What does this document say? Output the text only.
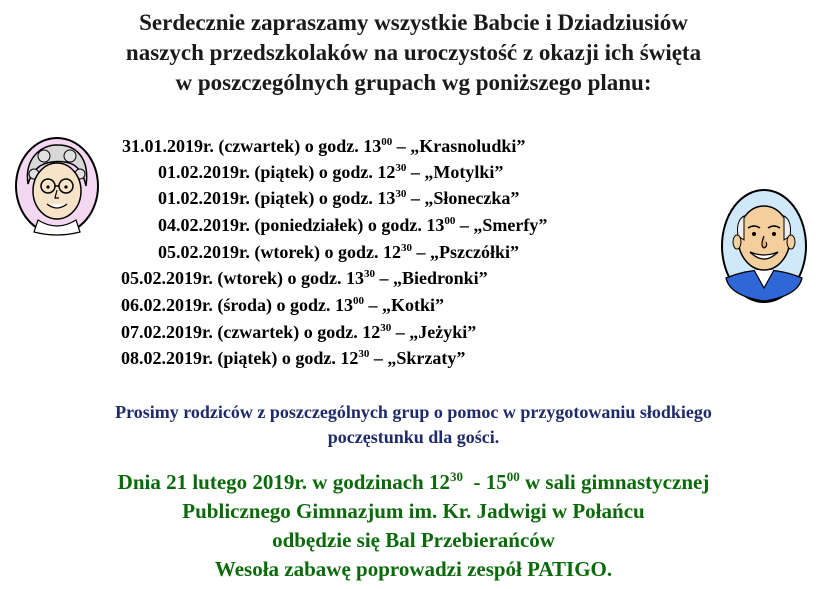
Serdecznie zapraszamy wszystkie Babcie i Dziadziusiów
naszych przedszkolaków na uroczystość z okazji ich święta
w poszczególnych grupach wg poniższego planu:
31.01.2019r. (czwartek) o godz. $13^{00}$ – „Krasnoludki”
01.02.2019r. (piątek) o godz. $12^{30}$ – „Motylki”
01.02.2019r. (piątek) o godz. $13^{30}$ – „Słoneczka”
04.02.2019r. (poniedziałek) o godz. $13^{00}$ – „Smerfy”
05.02.2019r. (wtorek) o godz. $12^{30}$ – „Pszczółki”
05.02.2019r. (wtorek) o godz. $13^{30}$ – „Biedronki”
06.02.2019r. (środa) o godz. $13^{00}$ – „Kotki”
07.02.2019r. (czwartek) o godz. $12^{30}$ – „Jeżyki”
08.02.2019r. (piątek) o godz. $12^{30}$ – „Skrzaty”
Prosimy rodziców z poszczególnych grup o pomoc w przygotowaniu słodkiego
poczęstunku dla gości.
Dnia 21 lutego 2019r. w godzinach $12^{30} - 15^{00}$ w sali gimnastycznej
Publicznego Gimnazjum im. Kr. Jadwigi w Połańcu
odbędzie się Bal Przebierańców
Wesoła zabawę poprowadzi zespół PATIGO.
